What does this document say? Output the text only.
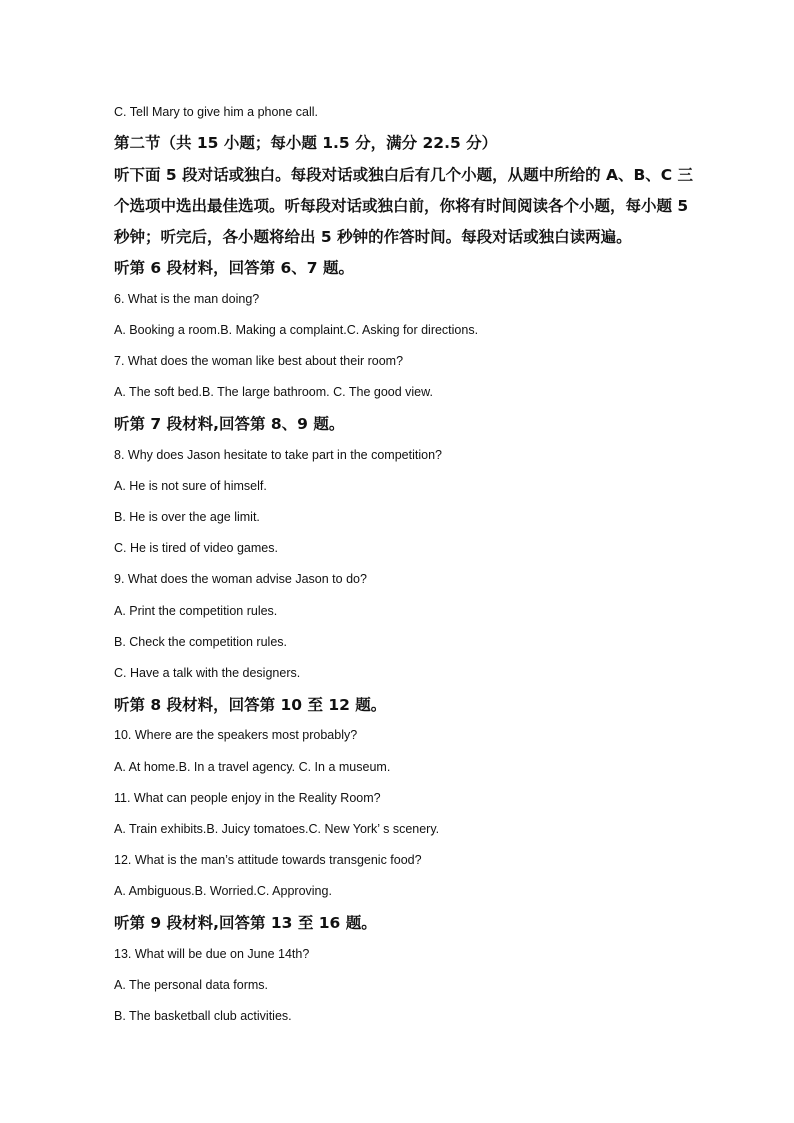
C. Tell Mary to give him a phone call.
第二节（共 15 小题；每小题 1.5 分，满分 22.5 分）
听下面 5 段对话或独白。每段对话或独白后有几个小题，从题中所给的 A、B、C 三
个选项中选出最佳选项。听每段对话或独白前，你将有时间阅读各个小题，每小题 5
秒钟；听完后，各小题将给出 5 秒钟的作答时间。每段对话或独白读两遍。
听第 6 段材料，回答第 6、7 题。
6. What is the man doing?
A. Booking a room.B. Making a complaint.C. Asking for directions.
7. What does the woman like best about their room?
A. The soft bed.B. The large bathroom. C. The good view.
听第 7 段材料,回答第 8、9 题。
8. Why does Jason hesitate to take part in the competition?
A. He is not sure of himself.
B. He is over the age limit.
C. He is tired of video games.
9. What does the woman advise Jason to do?
A. Print the competition rules.
B. Check the competition rules.
C. Have a talk with the designers.
听第 8 段材料，回答第 10 至 12 题。
10. Where are the speakers most probably?
A. At home.B. In a travel agency. C. In a museum.
11. What can people enjoy in the Reality Room?
A. Train exhibits.B. Juicy tomatoes.C. New York’ s scenery.
12. What is the man’s attitude towards transgenic food?
A. Ambiguous.B. Worried.C. Approving.
听第 9 段材料,回答第 13 至 16 题。
13. What will be due on June 14th?
A. The personal data forms.
B. The basketball club activities.
